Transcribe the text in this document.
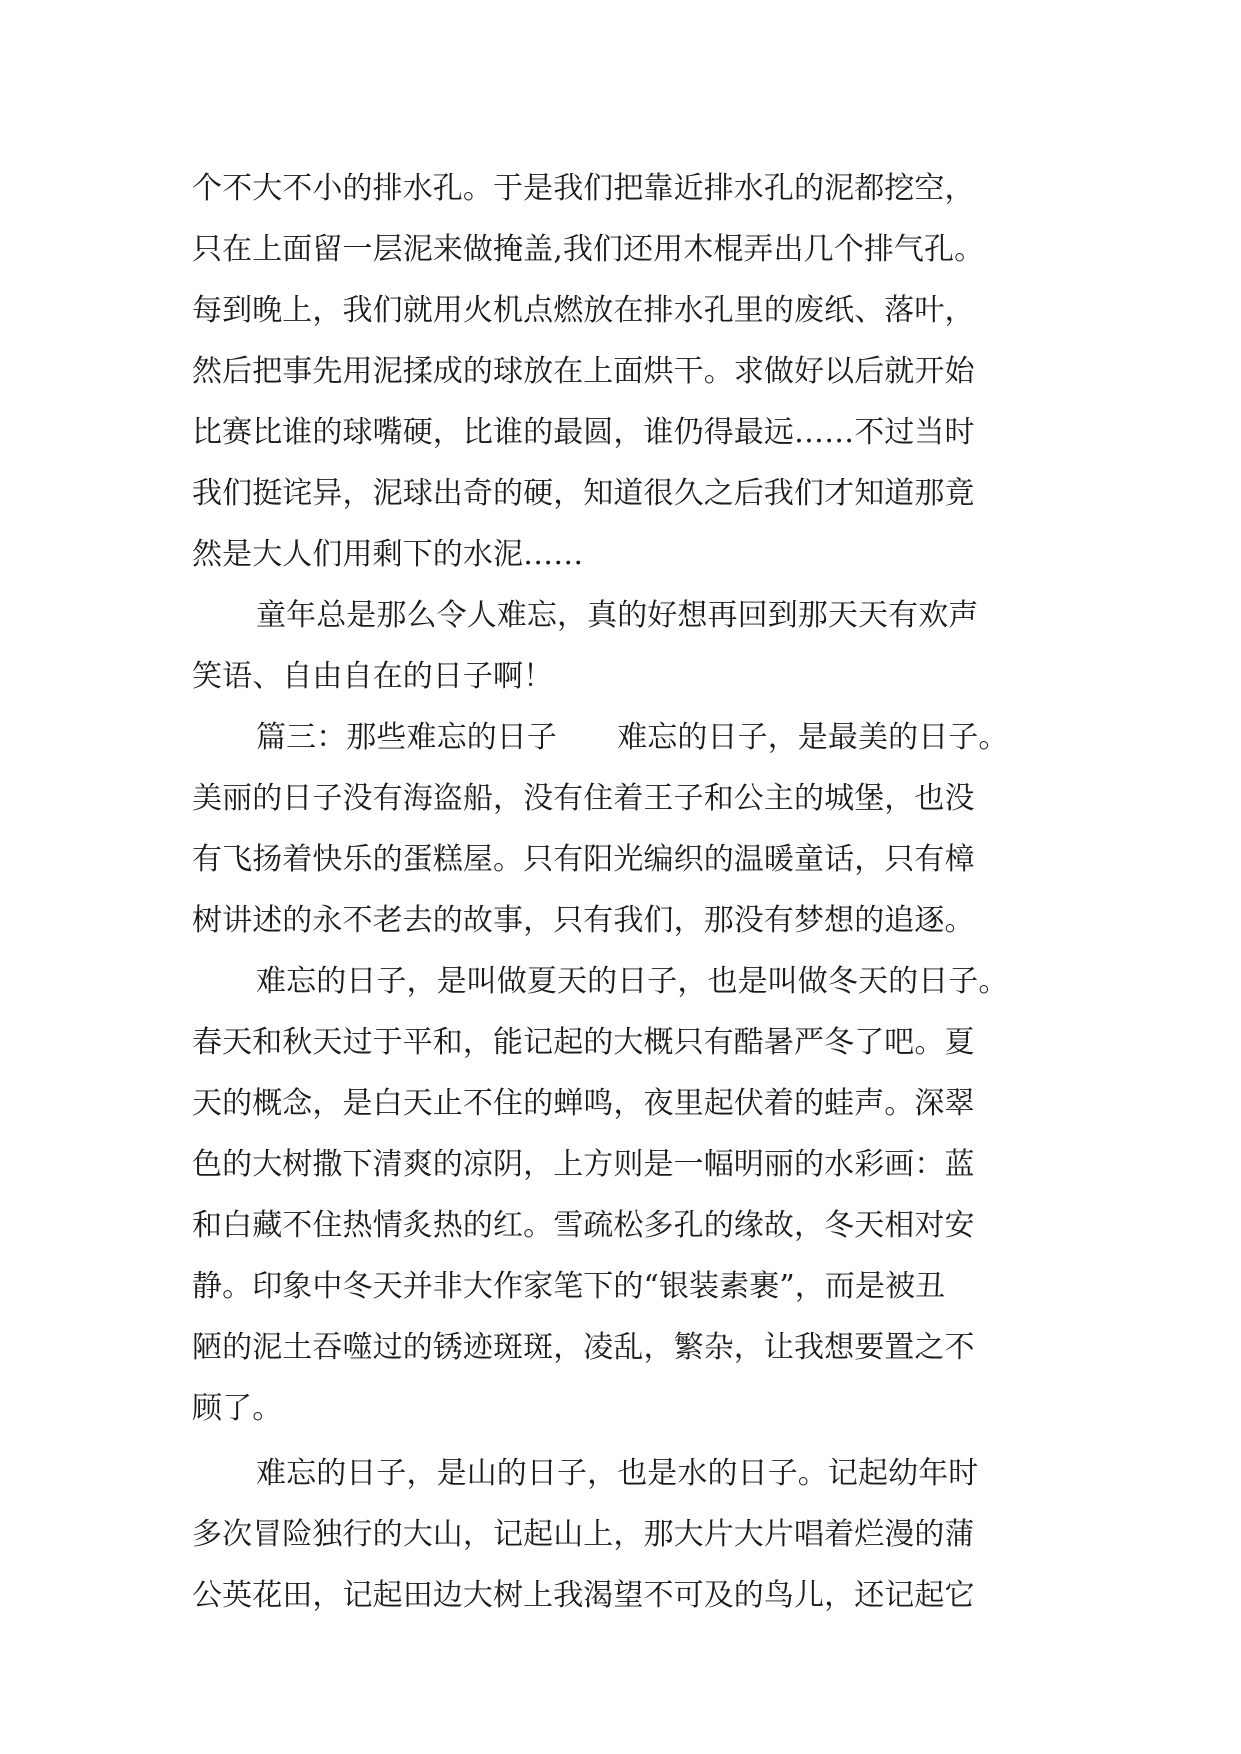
个不大不小的排水孔。于是我们把靠近排水孔的泥都挖空，
只在上面留一层泥来做掩盖,我们还用木棍弄出几个排气孔。
每到晚上，我们就用火机点燃放在排水孔里的废纸、落叶，
然后把事先用泥揉成的球放在上面烘干。求做好以后就开始
比赛比谁的球嘴硬，比谁的最圆，谁仍得最远……不过当时
我们挺诧异，泥球出奇的硬，知道很久之后我们才知道那竟
然是大人们用剩下的水泥……
童年总是那么令人难忘，真的好想再回到那天天有欢声
笑语、自由自在的日子啊！
篇三：那些难忘的日子　　难忘的日子，是最美的日子。
美丽的日子没有海盗船，没有住着王子和公主的城堡，也没
有飞扬着快乐的蛋糕屋。只有阳光编织的温暖童话，只有樟
树讲述的永不老去的故事，只有我们，那没有梦想的追逐。
难忘的日子，是叫做夏天的日子，也是叫做冬天的日子。
春天和秋天过于平和，能记起的大概只有酷暑严冬了吧。夏
天的概念，是白天止不住的蝉鸣，夜里起伏着的蛙声。深翠
色的大树撒下清爽的凉阴，上方则是一幅明丽的水彩画：蓝
和白藏不住热情炙热的红。雪疏松多孔的缘故，冬天相对安
静。印象中冬天并非大作家笔下的“银装素裹”，而是被丑
陋的泥土吞噬过的锈迹斑斑，凌乱，繁杂，让我想要置之不
顾了。
难忘的日子，是山的日子，也是水的日子。记起幼年时
多次冒险独行的大山，记起山上，那大片大片唱着烂漫的蒲
公英花田，记起田边大树上我渴望不可及的鸟儿，还记起它
